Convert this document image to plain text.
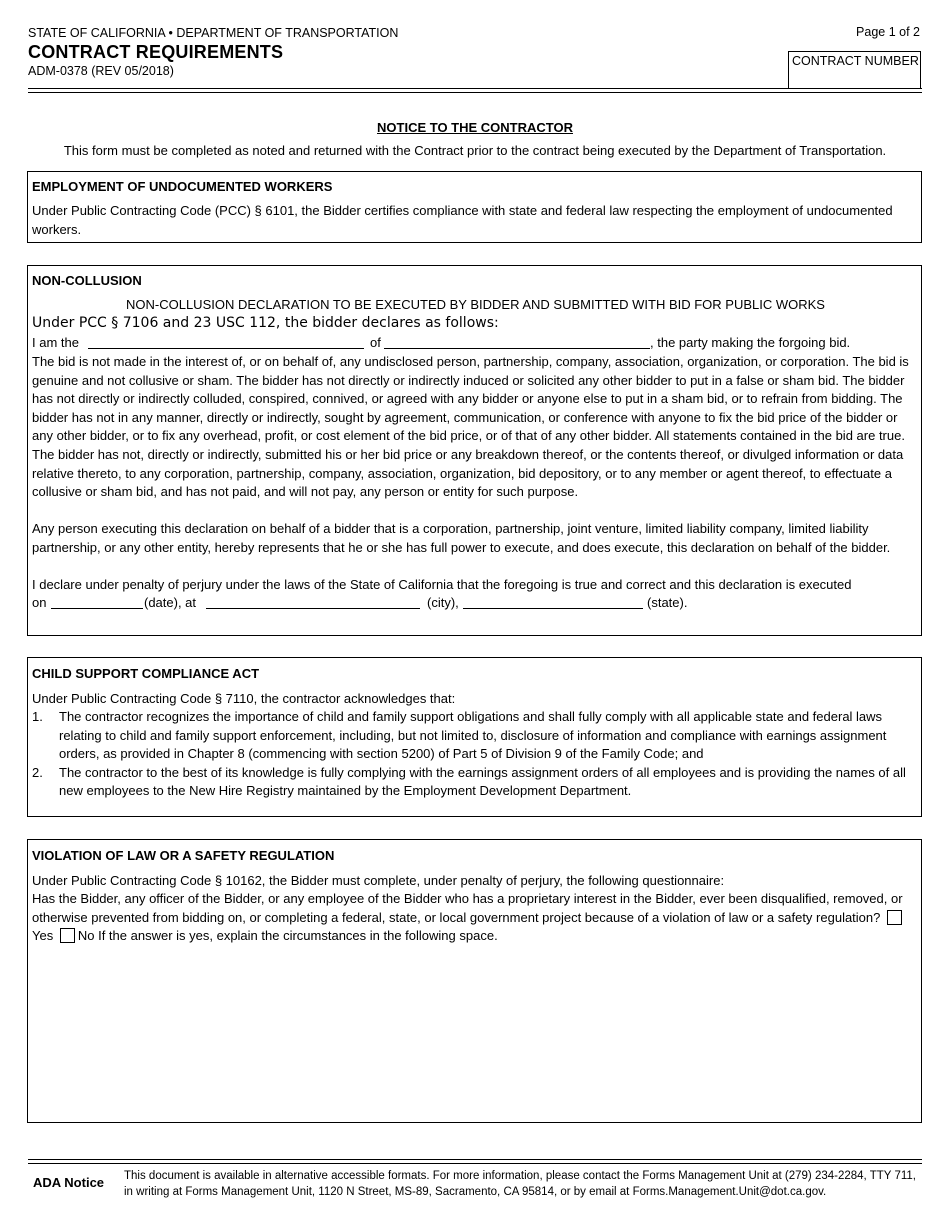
STATE OF CALIFORNIA • DEPARTMENT OF TRANSPORTATION
CONTRACT REQUIREMENTS
ADM-0378 (REV 05/2018)
Page 1 of 2
CONTRACT NUMBER
NOTICE TO THE CONTRACTOR
This form must be completed as noted and returned with the Contract prior to the contract being executed by the Department of Transportation.
EMPLOYMENT OF UNDOCUMENTED WORKERS
Under Public Contracting Code (PCC) § 6101, the Bidder certifies compliance with state and federal law respecting the employment of undocumented workers.
NON-COLLUSION
NON-COLLUSION DECLARATION TO BE EXECUTED BY BIDDER AND SUBMITTED WITH BID FOR PUBLIC WORKS
Under PCC § 7106 and 23 USC 112, the bidder declares as follows:
I am the	of	, the party making the forgoing bid.
The bid is not made in the interest of, or on behalf of, any undisclosed person, partnership, company, association, organization, or corporation. The bid is genuine and not collusive or sham. The bidder has not directly or indirectly induced or solicited any other bidder to put in a false or sham bid. The bidder has not directly or indirectly colluded, conspired, connived, or agreed with any bidder or anyone else to put in a sham bid, or to refrain from bidding. The bidder has not in any manner, directly or indirectly, sought by agreement, communication, or conference with anyone to fix the bid price of the bidder or any other bidder, or to fix any overhead, profit, or cost element of the bid price, or of that of any other bidder. All statements contained in the bid are true. The bidder has not, directly or indirectly, submitted his or her bid price or any breakdown thereof, or the contents thereof, or divulged information or data relative thereto, to any corporation, partnership, company, association, organization, bid depository, or to any member or agent thereof, to effectuate a collusive or sham bid, and has not paid, and will not pay, any person or entity for such purpose.
Any person executing this declaration on behalf of a bidder that is a corporation, partnership, joint venture, limited liability company, limited liability partnership, or any other entity, hereby represents that he or she has full power to execute, and does execute, this declaration on behalf of the bidder.
I declare under penalty of perjury under the laws of the State of California that the foregoing is true and correct and this declaration is executed
on	(date), at	(city),	(state).
CHILD SUPPORT COMPLIANCE ACT
Under Public Contracting Code § 7110, the contractor acknowledges that:
1. The contractor recognizes the importance of child and family support obligations and shall fully comply with all applicable state and federal laws relating to child and family support enforcement, including, but not limited to, disclosure of information and compliance with earnings assignment orders, as provided in Chapter 8 (commencing with section 5200) of Part 5 of Division 9 of the Family Code; and
2. The contractor to the best of its knowledge is fully complying with the earnings assignment orders of all employees and is providing the names of all new employees to the New Hire Registry maintained by the Employment Development Department.
VIOLATION OF LAW OR A SAFETY REGULATION
Under Public Contracting Code § 10162, the Bidder must complete, under penalty of perjury, the following questionnaire:
Has the Bidder, any officer of the Bidder, or any employee of the Bidder who has a proprietary interest in the Bidder, ever been disqualified, removed, or otherwise prevented from bidding on, or completing a federal, state, or local government project because of a violation of law or a safety regulation? Yes No If the answer is yes, explain the circumstances in the following space.
ADA Notice This document is available in alternative accessible formats. For more information, please contact the Forms Management Unit at (279) 234-2284, TTY 711, in writing at Forms Management Unit, 1120 N Street, MS-89, Sacramento, CA 95814, or by email at Forms.Management.Unit@dot.ca.gov.
